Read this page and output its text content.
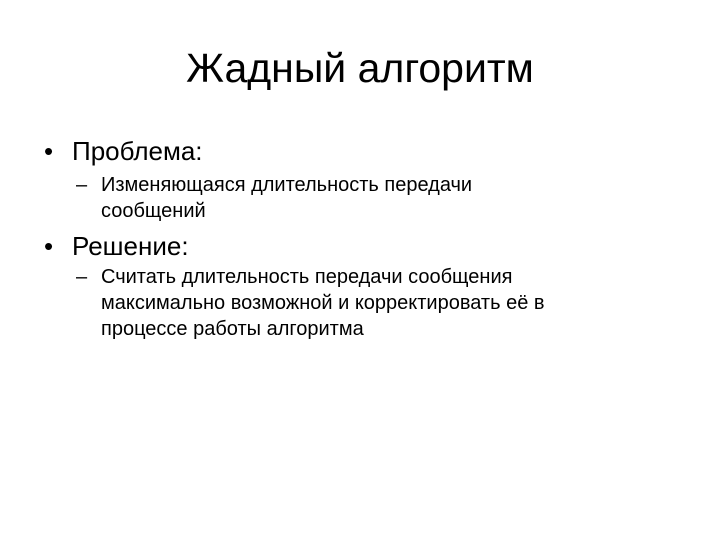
Жадный алгоритм
• Проблема:
– Изменяющаяся длительность передачи
сообщений
• Решение:
– Считать длительность передачи сообщения
максимально возможной и корректировать её в
процессе работы алгоритма
